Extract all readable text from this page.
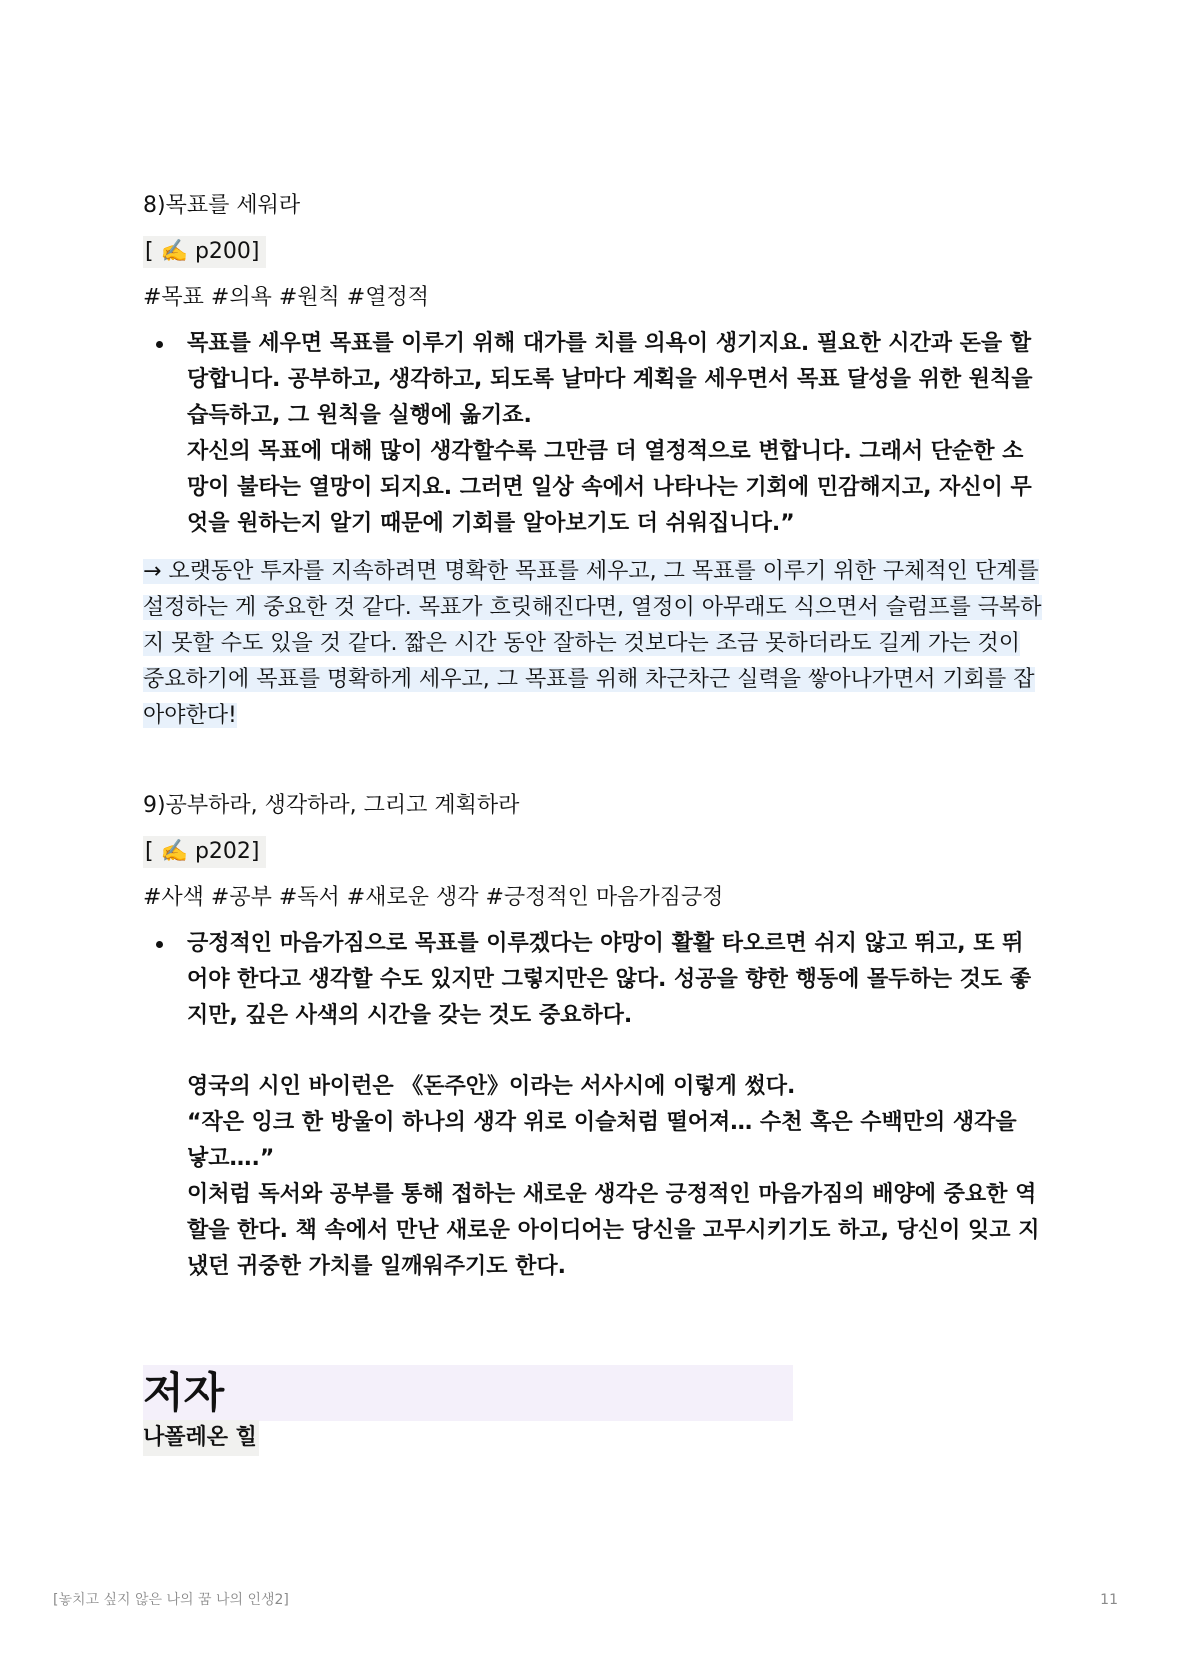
8)목표를 세워라
[ ✍️ p200]
#목표 #의욕 #원칙 #열정적

목표를 세우면 목표를 이루기 위해 대가를 치를 의욕이 생기지요. 필요한 시간과 돈을 할당합니다. 공부하고, 생각하고, 되도록 날마다 계획을 세우면서 목표 달성을 위한 원칙을 습득하고, 그 원칙을 실행에 옮기죠.

자신의 목표에 대해 많이 생각할수록 그만큼 더 열정적으로 변합니다. 그래서 단순한 소망이 불타는 열망이 되지요. 그러면 일상 속에서 나타나는 기회에 민감해지고, 자신이 무엇을 원하는지 알기 때문에 기회를 알아보기도 더 쉬워집니다.”

→ 오랫동안 투자를 지속하려면 명확한 목표를 세우고, 그 목표를 이루기 위한 구체적인 단계를 설정하는 게 중요한 것 같다. 목표가 흐릿해진다면, 열정이 아무래도 식으면서 슬럼프를 극복하지 못할 수도 있을 것 같다. 짧은 시간 동안 잘하는 것보다는 조금 못하더라도 길게 가는 것이 중요하기에 목표를 명확하게 세우고, 그 목표를 위해 차근차근 실력을 쌓아나가면서 기회를 잡아야한다!
9)공부하라, 생각하라, 그리고 계획하라
[ ✍️ p202]
#사색 #공부 #독서 #새로운 생각 #긍정적인 마음가짐긍정

긍정적인 마음가짐으로 목표를 이루겠다는 야망이 활활 타오르면 쉬지 않고 뛰고, 또 뛰어야 한다고 생각할 수도 있지만 그렇지만은 않다. 성공을 향한 행동에 몰두하는 것도 좋지만, 깊은 사색의 시간을 갖는 것도 중요하다.

영국의 시인 바이런은 《돈주안》이라는 서사시에 이렇게 썼다.

“작은 잉크 한 방울이 하나의 생각 위로 이슬처럼 떨어져… 수천 혹은 수백만의 생각을 낳고….”

이처럼 독서와 공부를 통해 접하는 새로운 생각은 긍정적인 마음가짐의 배양에 중요한 역할을 한다. 책 속에서 만난 새로운 아이디어는 당신을 고무시키기도 하고, 당신이 잊고 지냈던 귀중한 가치를 일깨워주기도 한다.

저자
나폴레온 힐
[놓치고 싶지 않은 나의 꿈 나의 인생2]	11
